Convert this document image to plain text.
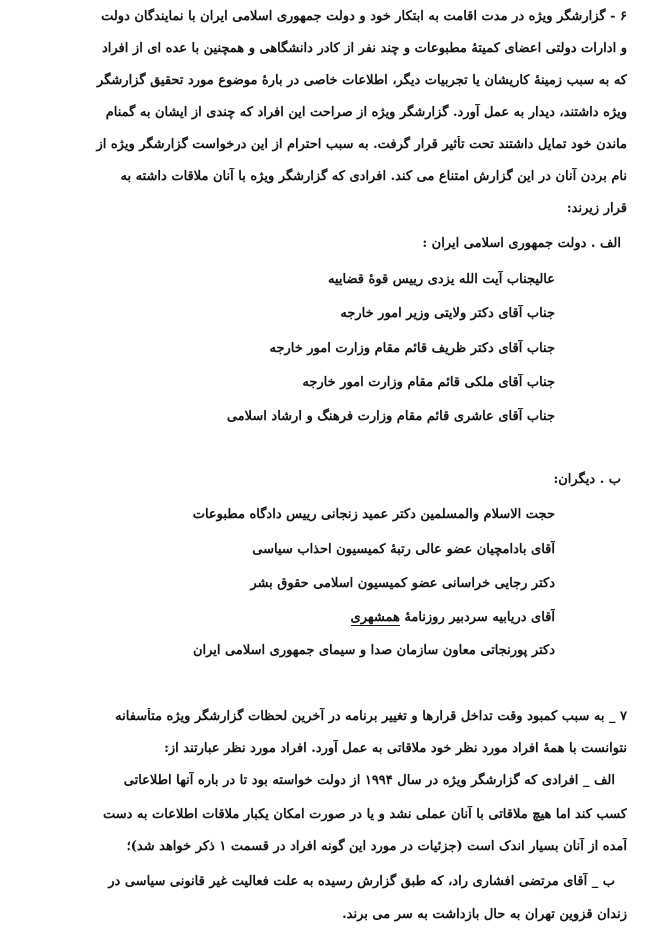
۶ - گزارشگر ویژه در مدت اقامت به ابتکار خود و دولت جمهوری اسلامی ایران با نمایندگان دولت
و ادارات دولتی اعضای کمیتهٔ مطبوعات و چند نفر از کادر دانشگاهی و همچنین با عده ای از افراد
که به سبب زمینهٔ کاریشان یا تجربیات دیگر، اطلاعات خاصی در بارهٔ موضوع مورد تحقیق گزارشگر
ویژه داشتند، دیدار به عمل آورد. گزارشگر ویژه از صراحت این افراد که چندی از ایشان به گمنام
ماندن خود تمایل داشتند تحت تأثیر قرار گرفت. به سبب احترام از این درخواست گزارشگر ویژه از
نام بردن آنان در این گزارش امتناع می کند. افرادی که گزارشگر ویژه با آنان ملاقات داشته به
قرار زیرند:
الف . دولت جمهوری اسلامی ایران :
عالیجناب آیت الله یزدی رییس قوهٔ قضاییه
جناب آقای دکتر ولایتی وزیر امور خارجه
جناب آقای دکتر ظریف قائم مقام وزارت امور خارجه
جناب آقای ملکی قائم مقام وزارت امور خارجه
جناب آقای عاشری قائم مقام وزارت فرهنگ و ارشاد اسلامی
ب . دیگران:
حجت الاسلام والمسلمین دکتر عمید زنجانی رییس دادگاه مطبوعات
آقای بادامچیان عضو عالی رتبهٔ کمیسیون احذاب سیاسی
دکتر رجایی خراسانی عضو کمیسیون اسلامی حقوق بشر
آقای دریابیه سردبیر روزنامهٔ همشهری
دکتر پورنجاتی معاون سازمان صدا و سیمای جمهوری اسلامی ایران
۷ _ به سبب کمبود وقت تداخل قرارها و تغییر برنامه در آخرین لحظات گزارشگر ویژه متأسفانه
نتوانست با همهٔ افراد مورد نظر خود ملاقاتی به عمل آورد. افراد مورد نظر عبارتند از:
الف _ افرادی که گزارشگر ویژه در سال ۱۹۹۴ از دولت خواسته بود تا در باره آنها اطلاعاتی
کسب کند اما هیچ ملاقاتی با آنان عملی نشد و یا در صورت امکان یکبار ملاقات اطلاعات به دست
آمده از آنان بسیار اندک است (جزئیات در مورد این گونه افراد در قسمت ۱ ذکر خواهد شد)؛
ب _ آقای مرتضی افشاری راد، که طبق گزارش رسیده به علت فعالیت غیر قانونی سیاسی در
زندان قزوین تهران به حال بازداشت به سر می برند.
